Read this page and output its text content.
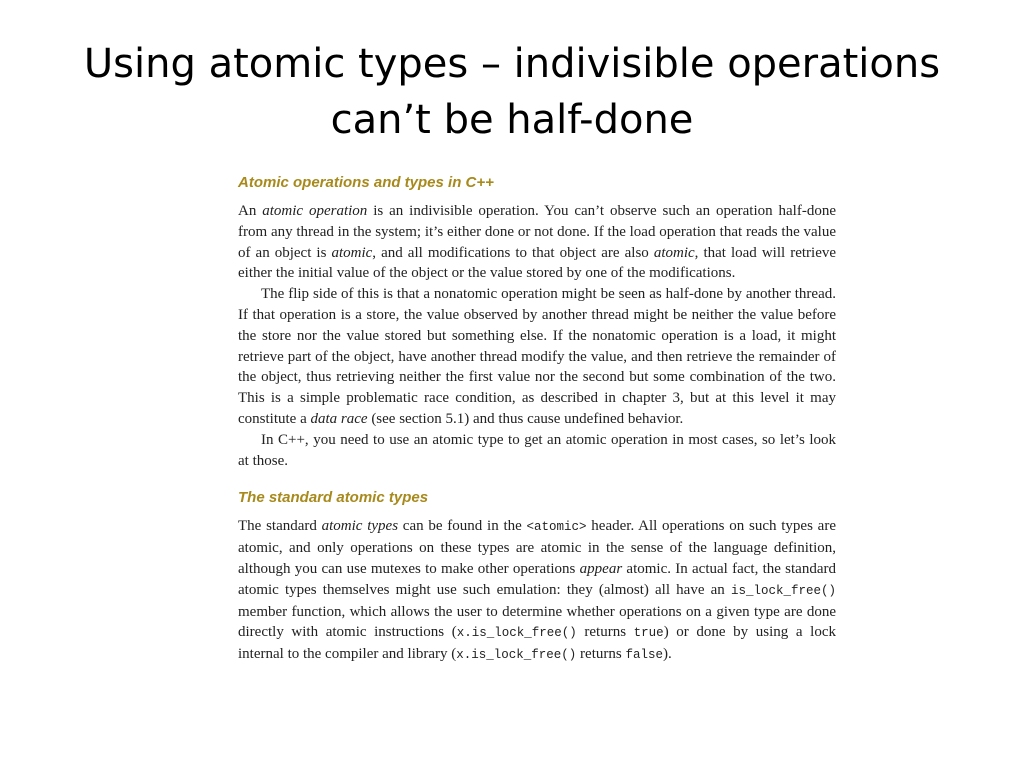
Using atomic types – indivisible operations can’t be half-done
Atomic operations and types in C++

An atomic operation is an indivisible operation. You can’t observe such an operation half-done from any thread in the system; it’s either done or not done. If the load operation that reads the value of an object is atomic, and all modifications to that object are also atomic, that load will retrieve either the initial value of the object or the value stored by one of the modifications.

The flip side of this is that a nonatomic operation might be seen as half-done by another thread. If that operation is a store, the value observed by another thread might be neither the value before the store nor the value stored but something else. If the nonatomic operation is a load, it might retrieve part of the object, have another thread modify the value, and then retrieve the remainder of the object, thus retrieving neither the first value nor the second but some combination of the two. This is a simple problematic race condition, as described in chapter 3, but at this level it may constitute a data race (see section 5.1) and thus cause undefined behavior.

In C++, you need to use an atomic type to get an atomic operation in most cases, so let’s look at those.

The standard atomic types

The standard atomic types can be found in the <atomic> header. All operations on such types are atomic, and only operations on these types are atomic in the sense of the language definition, although you can use mutexes to make other operations appear atomic. In actual fact, the standard atomic types themselves might use such emulation: they (almost) all have an is_lock_free() member function, which allows the user to determine whether operations on a given type are done directly with atomic instructions (x.is_lock_free() returns true) or done by using a lock internal to the compiler and library (x.is_lock_free() returns false).
